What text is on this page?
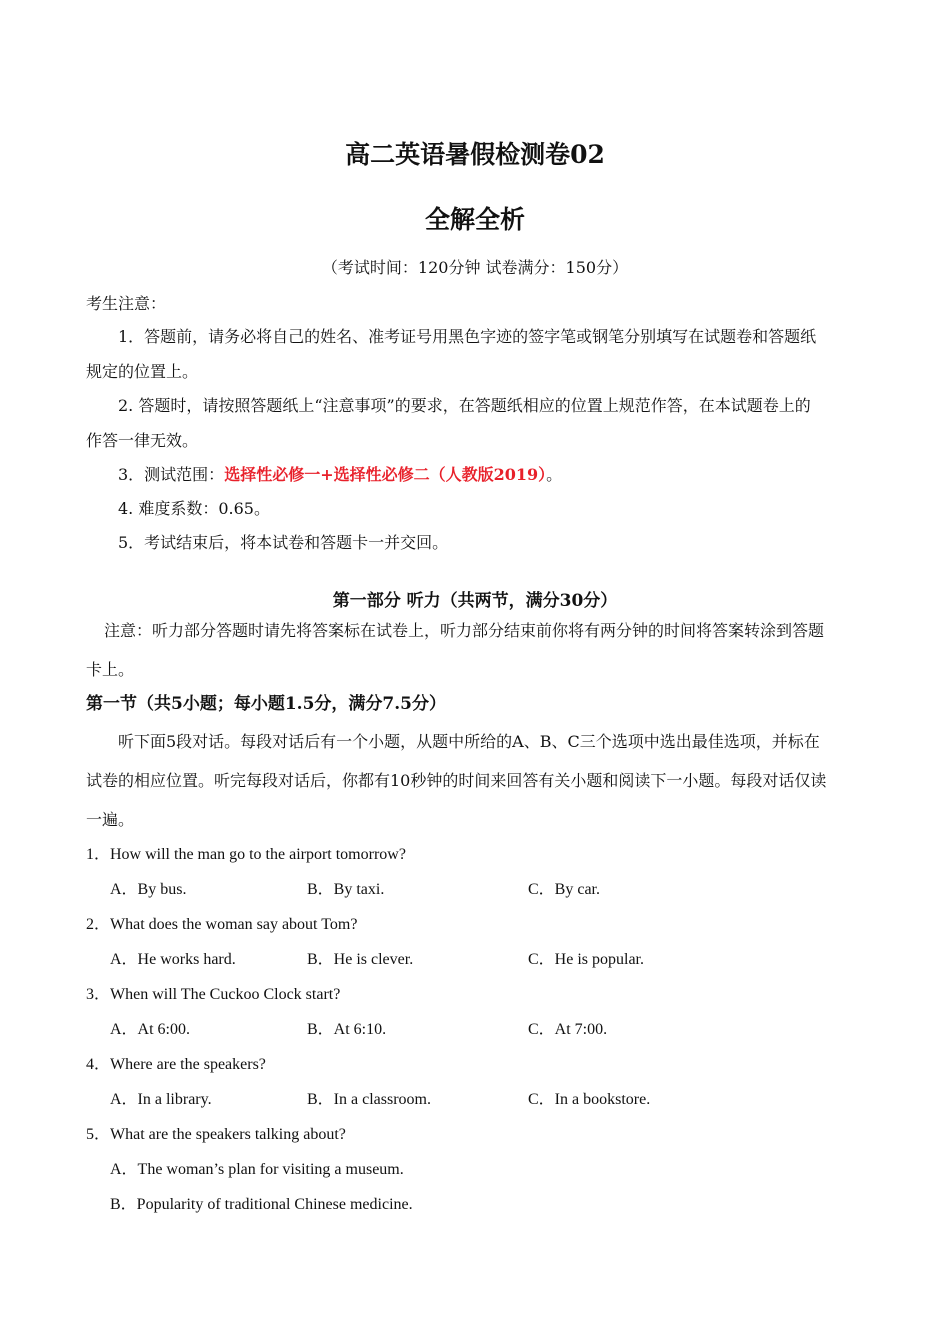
高二英语暑假检测卷02
全解全析
（考试时间：120分钟 试卷满分：150分）
考生注意：
1．答题前，请务必将自己的姓名、准考证号用黑色字迹的签字笔或钢笔分别填写在试题卷和答题纸
规定的位置上。
2. 答题时，请按照答题纸上“注意事项”的要求，在答题纸相应的位置上规范作答，在本试题卷上的
作答一律无效。
3．测试范围：选择性必修一+选择性必修二（人教版2019）。
4. 难度系数：0.65。
5．考试结束后，将本试卷和答题卡一并交回。
第一部分 听力（共两节，满分30分）
注意：听力部分答题时请先将答案标在试卷上，听力部分结束前你将有两分钟的时间将答案转涂到答题
卡上。
第一节（共5小题；每小题1.5分，满分7.5分）
听下面5段对话。每段对话后有一个小题，从题中所给的A、B、C三个选项中选出最佳选项，并标在
试卷的相应位置。听完每段对话后，你都有10秒钟的时间来回答有关小题和阅读下一小题。每段对话仅读
一遍。
1．How will the man go to the airport tomorrow?
A．By bus.	B．By taxi.	C．By car.
2．What does the woman say about Tom?
A．He works hard.	B．He is clever.	C．He is popular.
3．When will The Cuckoo Clock start?
A．At 6:00.	B．At 6:10.	C．At 7:00.
4．Where are the speakers?
A．In a library.	B．In a classroom.	C．In a bookstore.
5．What are the speakers talking about?
A．The woman’s plan for visiting a museum.
B．Popularity of traditional Chinese medicine.
